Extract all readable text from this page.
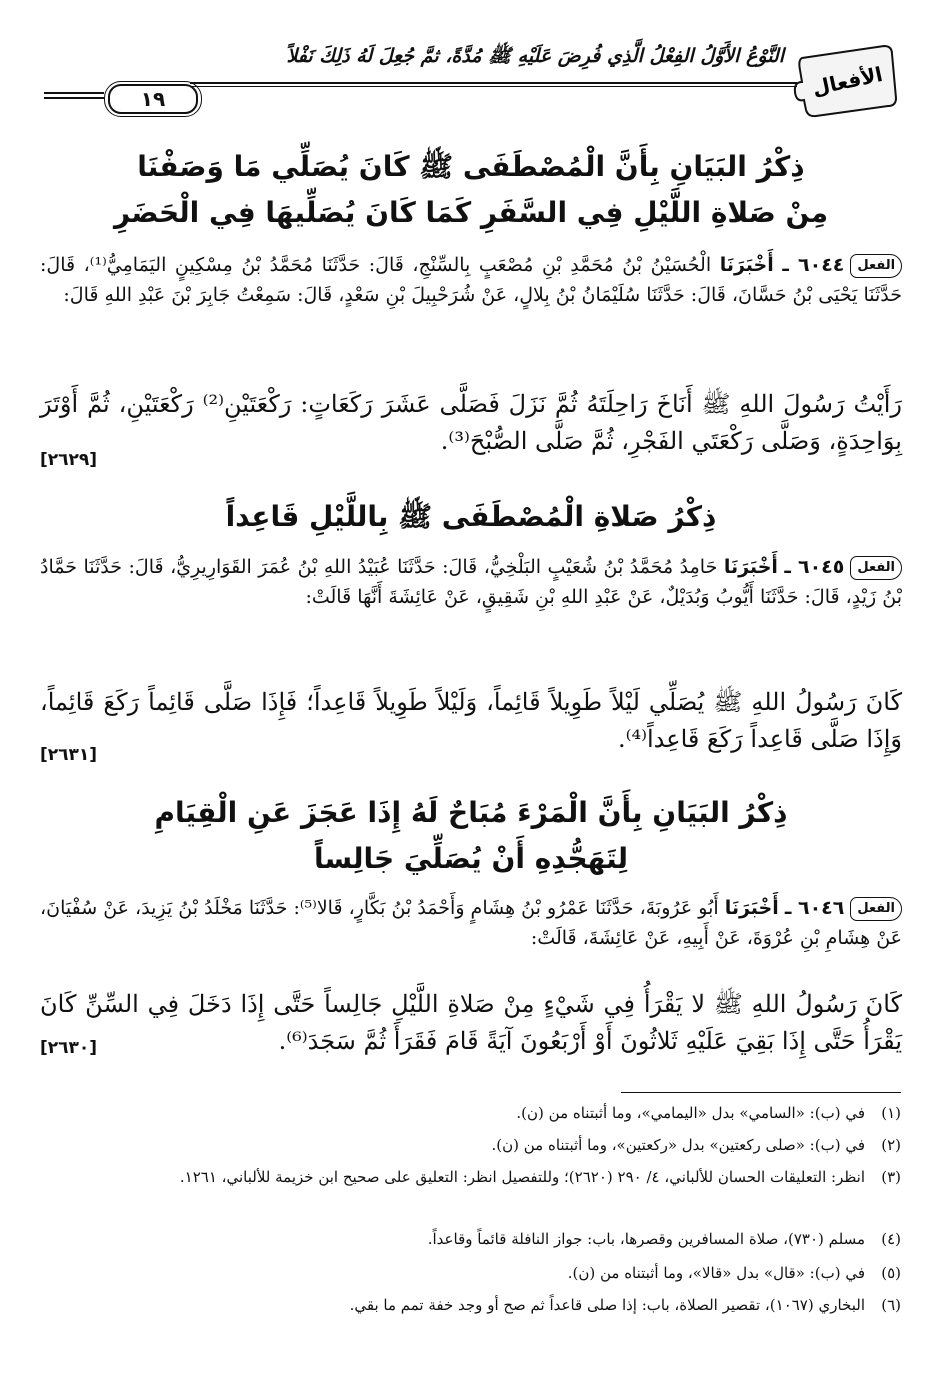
الأفعال
النَّوْعُ الأَوَّلُ الفِعْلُ الَّذِي فُرِضَ عَلَيْهِ ﷺ مُدَّةً، ثمَّ جُعِلَ لَهُ ذَلِكَ نَفْلاً
١٩
ذِكْرُ البَيَانِ بِأَنَّ الْمُصْطَفَى ﷺ كَانَ يُصَلِّي مَا وَصَفْنَا
مِنْ صَلاةِ اللَّيْلِ فِي السَّفَرِ كَمَا كَانَ يُصَلِّيهَا فِي الْحَضَرِ
الفعل٦٠٤٤ ـ أَخْبَرَنَا الْحُسَيْنُ بْنُ مُحَمَّدِ بْنِ مُصْعَبٍ بِالسِّنْجِ، قَالَ: حَدَّثَنَا مُحَمَّدُ بْنُ مِسْكِينٍ اليَمَامِيُّ⁽¹⁾، قَالَ: حَدَّثَنَا يَحْيَى بْنُ حَسَّانَ، قَالَ: حَدَّثَنَا سُلَيْمَانُ بْنُ بِلالٍ، عَنْ شُرَحْبِيلَ بْنِ سَعْدٍ، قَالَ: سَمِعْتُ جَابِرَ بْنَ عَبْدِ اللهِ قَالَ:
رَأَيْتُ رَسُولَ اللهِ ﷺ أَنَاخَ رَاحِلَتَهُ ثُمَّ نَزَلَ فَصَلَّى عَشَرَ رَكَعَاتٍ: رَكْعَتَيْنِ⁽²⁾ رَكْعَتَيْنِ، ثُمَّ أَوْتَرَ بِوَاحِدَةٍ، وَصَلَّى رَكْعَتَي الفَجْرِ، ثُمَّ صَلَّى الصُّبْحَ⁽³⁾.
[٢٦٢٩]
ذِكْرُ صَلاةِ الْمُصْطَفَى ﷺ بِاللَّيْلِ قَاعِداً
الفعل٦٠٤٥ ـ أَخْبَرَنَا حَامِدُ مُحَمَّدُ بْنُ شُعَيْبٍ البَلْخِيُّ، قَالَ: حَدَّثَنَا عُبَيْدُ اللهِ بْنُ عُمَرَ القَوَارِيرِيُّ، قَالَ: حَدَّثَنَا حَمَّادُ بْنُ زَيْدٍ، قَالَ: حَدَّثَنَا أَيُّوبُ وَبُدَيْلٌ، عَنْ عَبْدِ اللهِ بْنِ شَقِيقٍ، عَنْ عَائِشَةَ أَنَّهَا قَالَتْ:
كَانَ رَسُولُ اللهِ ﷺ يُصَلِّي لَيْلاً طَوِيلاً قَائِماً، وَلَيْلاً طَوِيلاً قَاعِداً؛ فَإِذَا صَلَّى قَائِماً رَكَعَ قَائِماً، وَإِذَا صَلَّى قَاعِداً رَكَعَ قَاعِداً⁽⁴⁾.
[٢٦٣١]
ذِكْرُ البَيَانِ بِأَنَّ الْمَرْءَ مُبَاحٌ لَهُ إِذَا عَجَزَ عَنِ الْقِيَامِ
لِتَهَجُّدِهِ أَنْ يُصَلِّيَ جَالِساً
الفعل٦٠٤٦ ـ أَخْبَرَنَا أَبُو عَرُوبَةَ، حَدَّثَنَا عَمْرُو بْنُ هِشَامٍ وَأَحْمَدُ بْنُ بَكَّارٍ، قَالا⁽⁵⁾: حَدَّثَنَا مَخْلَدُ بْنُ يَزِيدَ، عَنْ سُفْيَانَ، عَنْ هِشَامِ بْنِ عُرْوَةَ، عَنْ أَبِيهِ، عَنْ عَائِشَةَ، قَالَتْ:
كَانَ رَسُولُ اللهِ ﷺ لا يَقْرَأُ فِي شَيْءٍ مِنْ صَلاةِ اللَّيْلِ جَالِساً حَتَّى إِذَا دَخَلَ فِي السِّنِّ كَانَ يَقْرَأُ حَتَّى إِذَا بَقِيَ عَلَيْهِ ثَلاثُونَ أَوْ أَرْبَعُونَ آيَةً قَامَ فَقَرَأَ ثُمَّ سَجَدَ⁽⁶⁾.
[٢٦٣٠]
(١)في (ب): «السامي» بدل «اليمامي»، وما أثبتناه من (ن).
(٢)في (ب): «صلى ركعتين» بدل «ركعتين»، وما أثبتناه من (ن).
(٣)انظر: التعليقات الحسان للألباني، ٤/ ٢٩٠ (٢٦٢٠)؛ وللتفصيل انظر: التعليق على صحيح ابن خزيمة للألباني، ١٢٦١.
(٤)مسلم (٧٣٠)، صلاة المسافرين وقصرها، باب: جواز النافلة قائماً وقاعداً.
(٥)في (ب): «قال» بدل «قالا»، وما أثبتناه من (ن).
(٦)البخاري (١٠٦٧)، تقصير الصلاة، باب: إذا صلى قاعداً ثم صح أو وجد خفة تمم ما بقي.
